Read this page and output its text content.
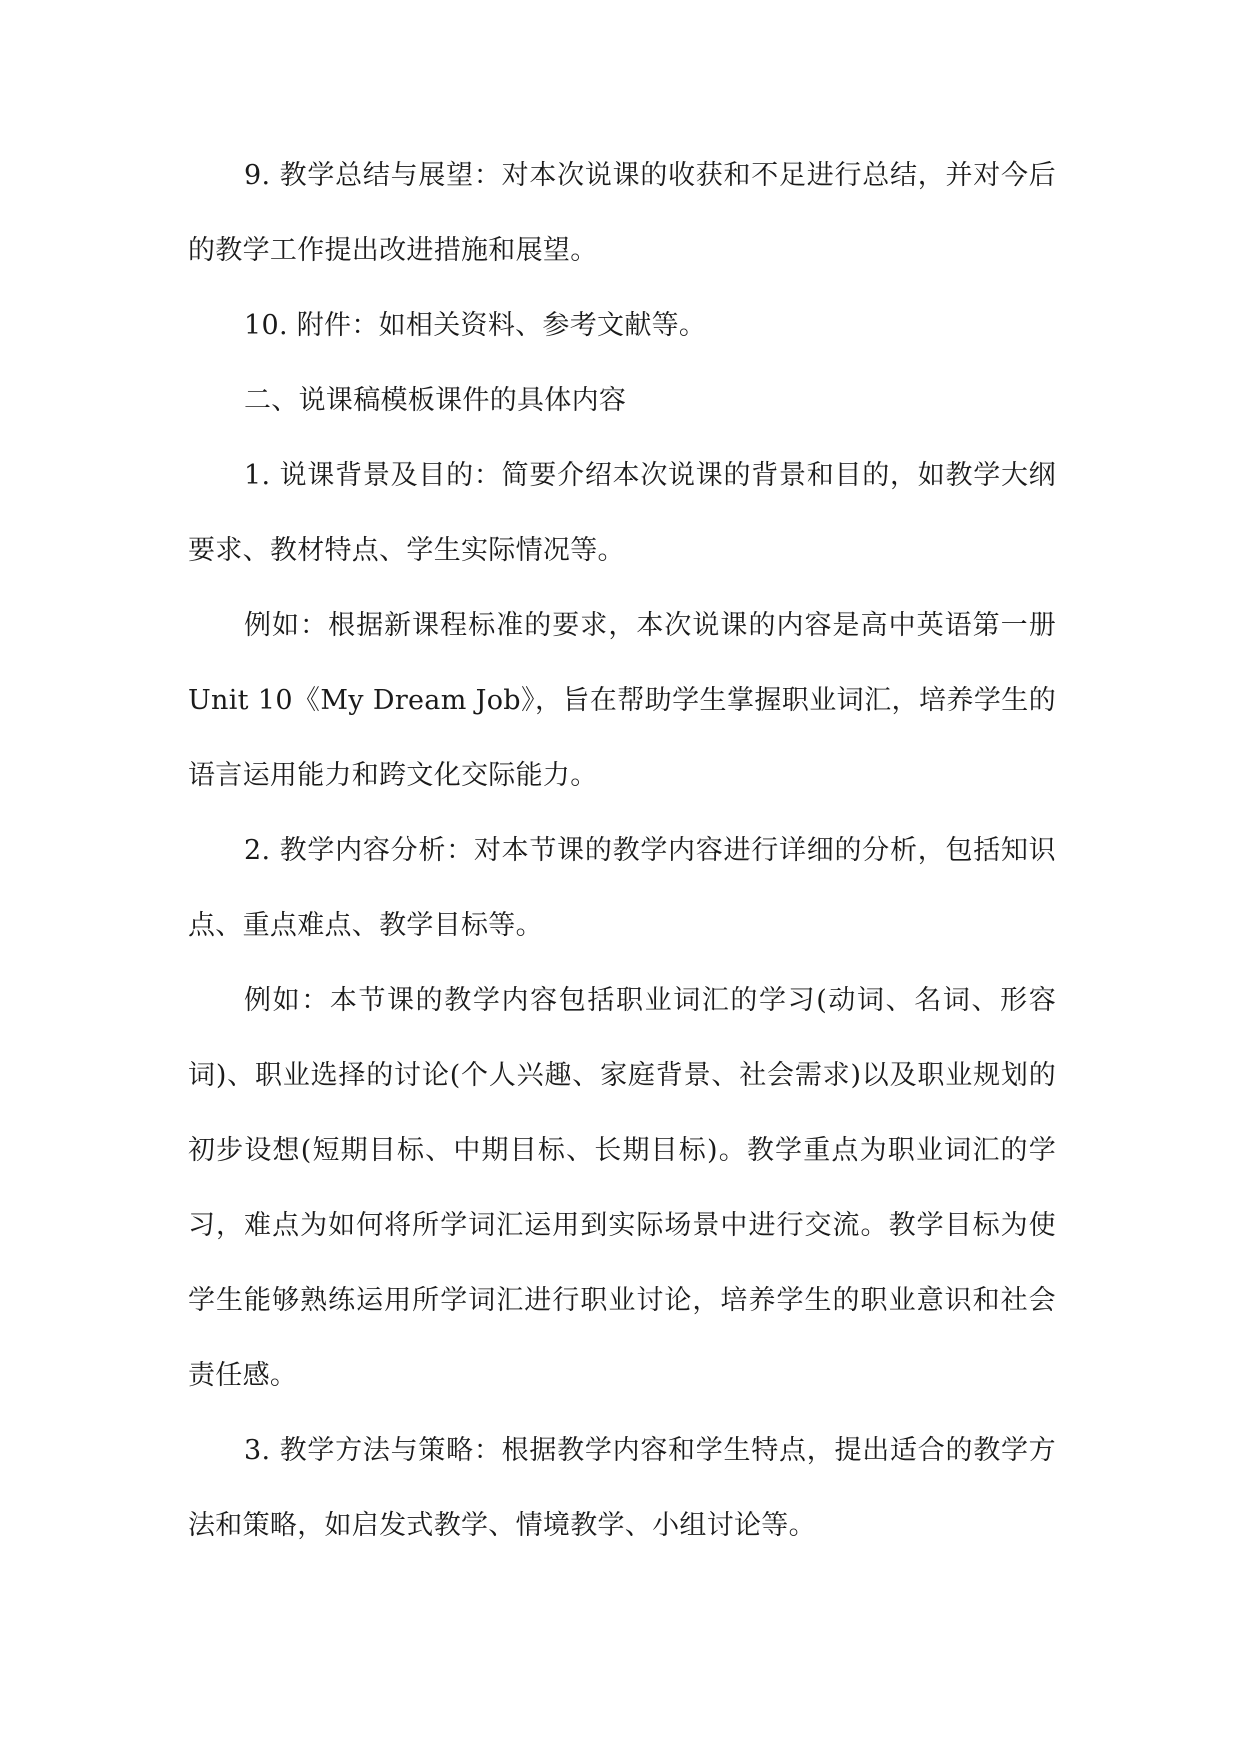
9. 教学总结与展望：对本次说课的收获和不足进行总结，并对今后的教学工作提出改进措施和展望。

10. 附件：如相关资料、参考文献等。

二、说课稿模板课件的具体内容

1. 说课背景及目的：简要介绍本次说课的背景和目的，如教学大纲要求、教材特点、学生实际情况等。

例如：根据新课程标准的要求，本次说课的内容是高中英语第一册 Unit 10《My Dream Job》，旨在帮助学生掌握职业词汇，培养学生的语言运用能力和跨文化交际能力。

2. 教学内容分析：对本节课的教学内容进行详细的分析，包括知识点、重点难点、教学目标等。

例如：本节课的教学内容包括职业词汇的学习(动词、名词、形容词)、职业选择的讨论(个人兴趣、家庭背景、社会需求)以及职业规划的初步设想(短期目标、中期目标、长期目标)。教学重点为职业词汇的学习，难点为如何将所学词汇运用到实际场景中进行交流。教学目标为使学生能够熟练运用所学词汇进行职业讨论，培养学生的职业意识和社会责任感。

3. 教学方法与策略：根据教学内容和学生特点，提出适合的教学方法和策略，如启发式教学、情境教学、小组讨论等。
